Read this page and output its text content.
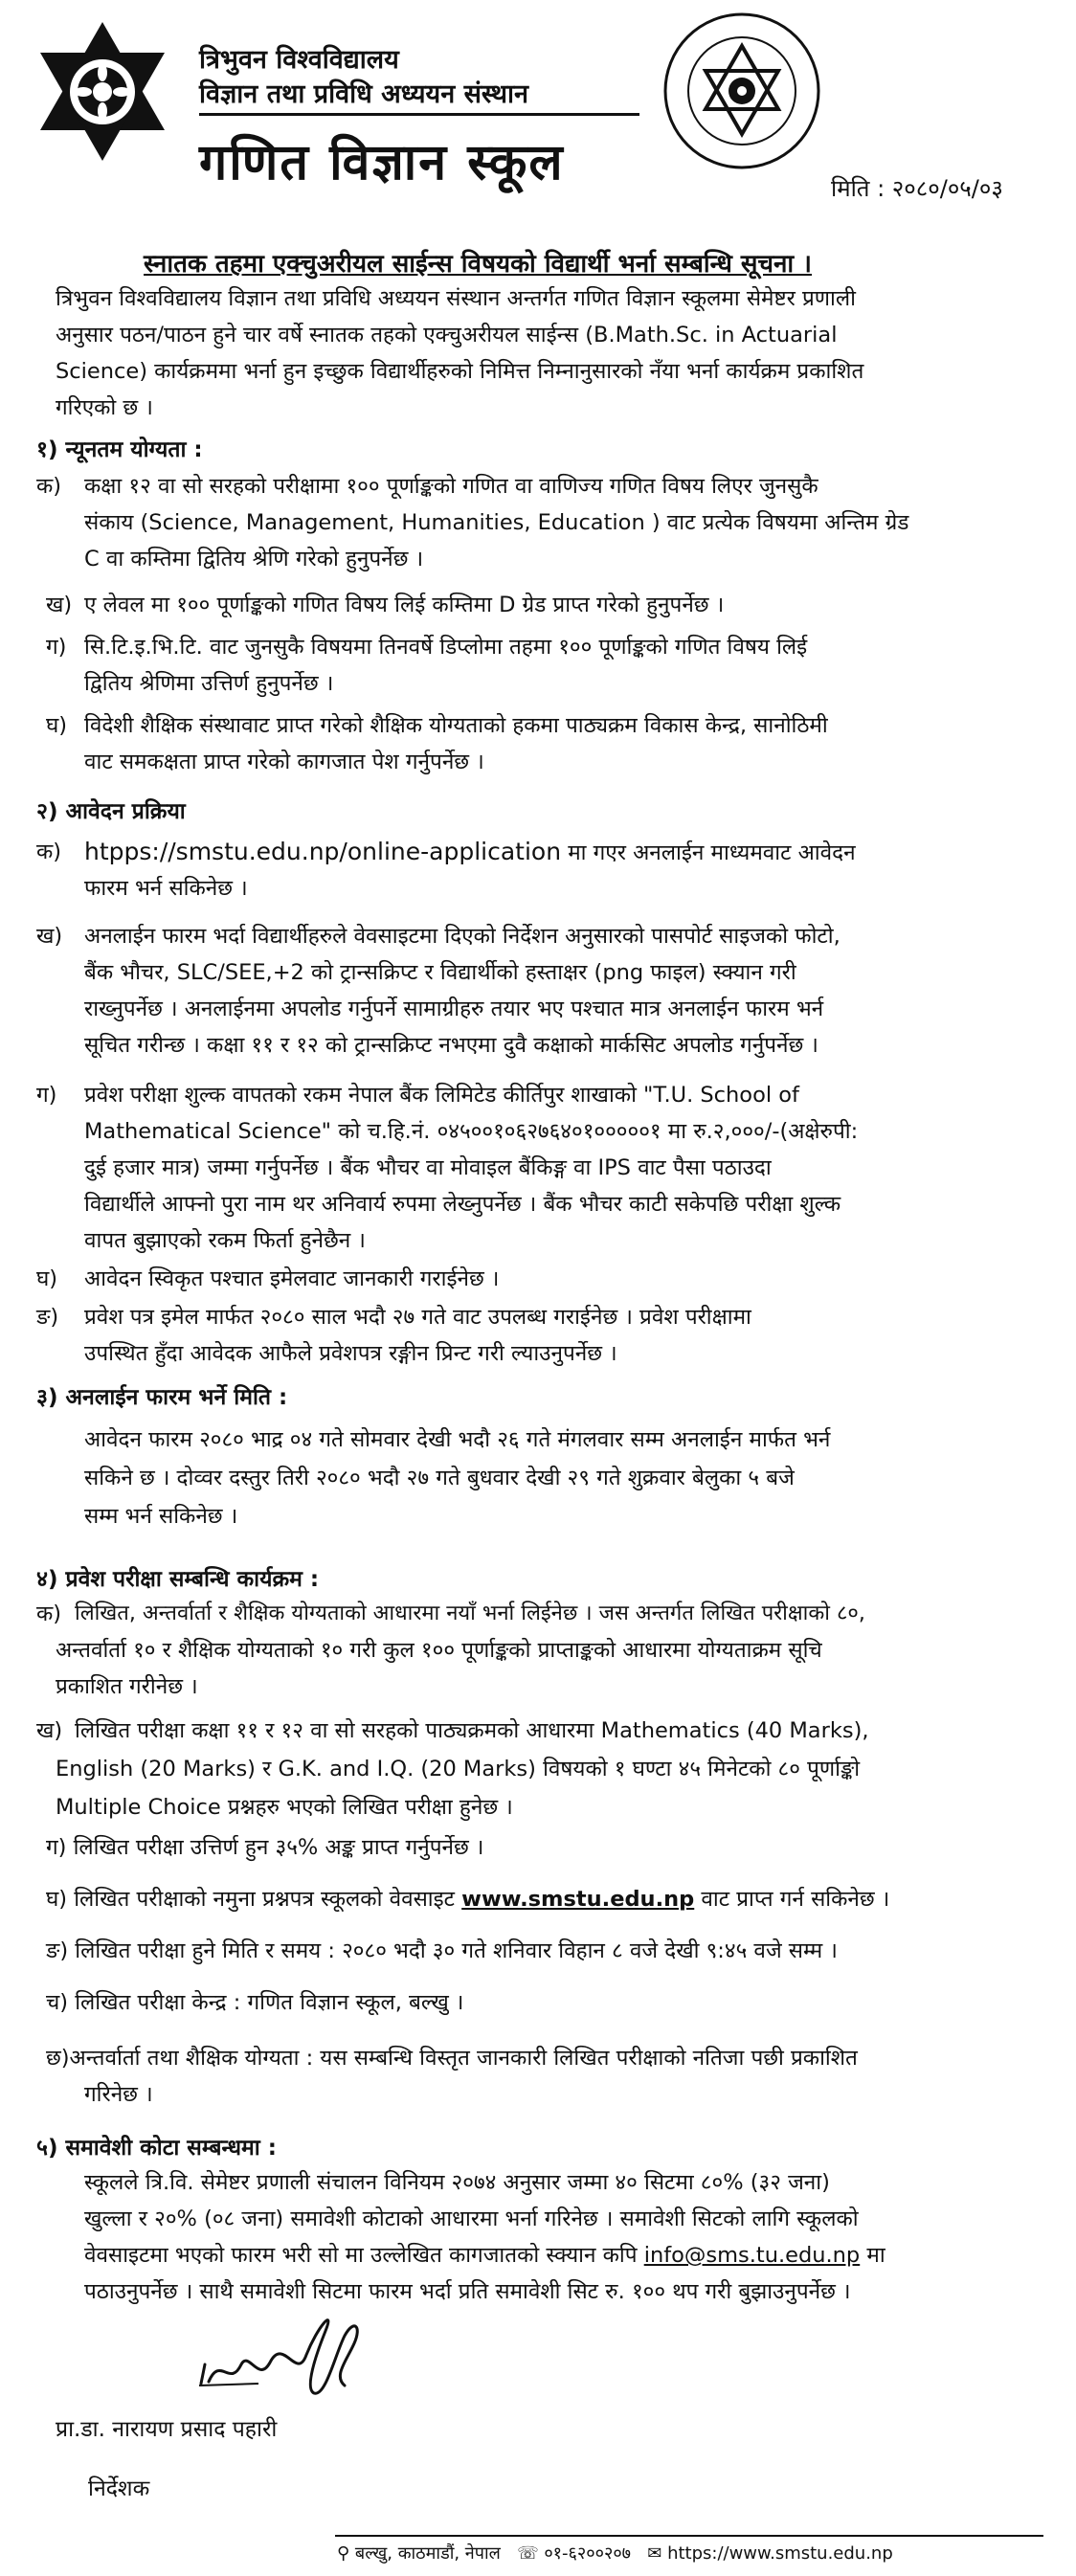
त्रिभुवन विश्वविद्यालय
विज्ञान तथा प्रविधि अध्ययन संस्थान
गणित विज्ञान स्कूल	मिति : २०८०/०५/०३
स्नातक तहमा एक्चुअरीयल साईन्स विषयको विद्यार्थी भर्ना सम्बन्धि सूचना ।
त्रिभुवन विश्वविद्यालय विज्ञान तथा प्रविधि अध्ययन संस्थान अन्तर्गत गणित विज्ञान स्कूलमा सेमेष्टर प्रणाली
अनुसार पठन/पाठन हुने चार वर्षे स्नातक तहको एक्चुअरीयल साईन्स (B.Math.Sc. in Actuarial
Science) कार्यक्रममा भर्ना हुन इच्छुक विद्यार्थीहरुको निमित्त निम्नानुसारको नँया भर्ना कार्यक्रम प्रकाशित
गरिएको छ ।
१) न्यूनतम योग्यता :
क) कक्षा १२ वा सो सरहको परीक्षामा १०० पूर्णाङ्कको गणित वा वाणिज्य गणित विषय लिएर जुनसुकै
संकाय (Science, Management, Humanities, Education ) वाट प्रत्येक विषयमा अन्तिम ग्रेड
C वा कम्तिमा द्वितिय श्रेणि गरेको हुनुपर्नेछ ।
ख) ए लेवल मा १०० पूर्णाङ्कको गणित विषय लिई कम्तिमा D ग्रेड प्राप्त गरेको हुनुपर्नेछ ।
ग) सि.टि.इ.भि.टि. वाट जुनसुकै विषयमा तिनवर्षे डिप्लोमा तहमा १०० पूर्णाङ्कको गणित विषय लिई
द्वितिय श्रेणिमा उत्तिर्ण हुनुपर्नेछ ।
घ) विदेशी शैक्षिक संस्थावाट प्राप्त गरेको शैक्षिक योग्यताको हकमा पाठ्यक्रम विकास केन्द्र, सानोठिमी
वाट समकक्षता प्राप्त गरेको कागजात पेश गर्नुपर्नेछ ।
२) आवेदन प्रक्रिया
क) htpps://smstu.edu.np/online-application मा गएर अनलाईन माध्यमवाट आवेदन
फारम भर्न सकिनेछ ।
ख) अनलाईन फारम भर्दा विद्यार्थीहरुले वेवसाइटमा दिएको निर्देशन अनुसारको पासपोर्ट साइजको फोटो,
बैंक भौचर, SLC/SEE,+2 को ट्रान्सक्रिप्ट र विद्यार्थीको हस्ताक्षर (png फाइल) स्क्यान गरी
राख्नुपर्नेछ । अनलाईनमा अपलोड गर्नुपर्ने सामाग्रीहरु तयार भए पश्चात मात्र अनलाईन फारम भर्न
सूचित गरीन्छ । कक्षा ११ र १२ को ट्रान्सक्रिप्ट नभएमा दुवै कक्षाको मार्कसिट अपलोड गर्नुपर्नेछ ।
ग) प्रवेश परीक्षा शुल्क वापतको रकम नेपाल बैंक लिमिटेड कीर्तिपुर शाखाको "T.U. School of
Mathematical Science" को च.हि.नं. ०४५००१०६२७६४०१०००००१ मा रु.२,०००/-(अक्षेरुपी:
दुई हजार मात्र) जम्मा गर्नुपर्नेछ । बैंक भौचर वा मोवाइल बैंकिङ्ग वा IPS वाट पैसा पठाउदा
विद्यार्थीले आफ्नो पुरा नाम थर अनिवार्य रुपमा लेख्नुपर्नेछ । बैंक भौचर काटी सकेपछि परीक्षा शुल्क
वापत बुझाएको रकम फिर्ता हुनेछैन ।
घ) आवेदन स्विकृत पश्चात इमेलवाट जानकारी गराईनेछ ।
ङ) प्रवेश पत्र इमेल मार्फत २०८० साल भदौ २७ गते वाट उपलब्ध गराईनेछ । प्रवेश परीक्षामा
उपस्थित हुँदा आवेदक आफैले प्रवेशपत्र रङ्गीन प्रिन्ट गरी ल्याउनुपर्नेछ ।
३) अनलाईन फारम भर्ने मिति :
आवेदन फारम २०८० भाद्र ०४ गते सोमवार देखी भदौ २६ गते मंगलवार सम्म अनलाईन मार्फत भर्न
सकिने छ । दोव्वर दस्तुर तिरी २०८० भदौ २७ गते बुधवार देखी २९ गते शुक्रवार बेलुका ५ बजे
सम्म भर्न सकिनेछ ।
४) प्रवेश परीक्षा सम्बन्धि कार्यक्रम :
क) लिखित, अन्तर्वार्ता र शैक्षिक योग्यताको आधारमा नयाँ भर्ना लिईनेछ । जस अन्तर्गत लिखित परीक्षाको ८०,
अन्तर्वार्ता १० र शैक्षिक योग्यताको १० गरी कुल १०० पूर्णाङ्कको प्राप्ताङ्कको आधारमा योग्यताक्रम सूचि
प्रकाशित गरीनेछ ।
ख) लिखित परीक्षा कक्षा ११ र १२ वा सो सरहको पाठ्यक्रमको आधारमा Mathematics (40 Marks),
English (20 Marks) र G.K. and I.Q. (20 Marks) विषयको १ घण्टा ४५ मिनेटको ८० पूर्णाङ्को
Multiple Choice प्रश्नहरु भएको लिखित परीक्षा हुनेछ ।
ग) लिखित परीक्षा उत्तिर्ण हुन ३५% अङ्क प्राप्त गर्नुपर्नेछ ।
घ) लिखित परीक्षाको नमुना प्रश्नपत्र स्कूलको वेवसाइट www.smstu.edu.np वाट प्राप्त गर्न सकिनेछ ।
ङ) लिखित परीक्षा हुने मिति र समय : २०८० भदौ ३० गते शनिवार विहान ८ वजे देखी ९:४५ वजे सम्म ।
च) लिखित परीक्षा केन्द्र : गणित विज्ञान स्कूल, बल्खु ।
छ)अन्तर्वार्ता तथा शैक्षिक योग्यता : यस सम्बन्धि विस्तृत जानकारी लिखित परीक्षाको नतिजा पछी प्रकाशित
गरिनेछ ।
५) समावेशी कोटा सम्बन्धमा :
स्कूलले त्रि.वि. सेमेष्टर प्रणाली संचालन विनियम २०७४ अनुसार जम्मा ४० सिटमा ८०% (३२ जना)
खुल्ला र २०% (०८ जना) समावेशी कोटाको आधारमा भर्ना गरिनेछ । समावेशी सिटको लागि स्कूलको
वेवसाइटमा भएको फारम भरी सो मा उल्लेखित कागजातको स्क्यान कपि info@sms.tu.edu.np मा
पठाउनुपर्नेछ । साथै समावेशी सिटमा फारम भर्दा प्रति समावेशी सिट रु. १०० थप गरी बुझाउनुपर्नेछ ।
प्रा.डा. नारायण प्रसाद पहारी
निर्देशक
⚲ बल्खु, काठमाडौं, नेपाल ☏ ०१-६२००२०७ ✉ https://www.smstu.edu.np
